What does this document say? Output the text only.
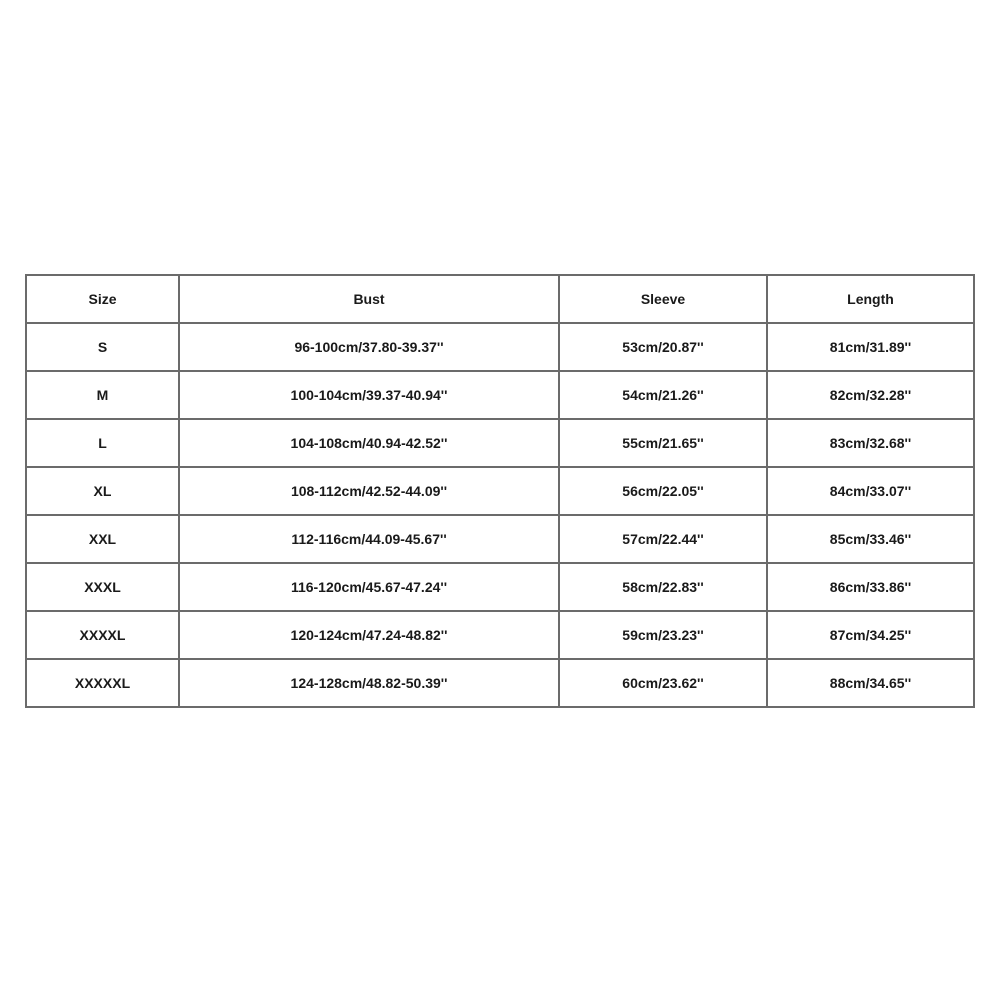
Size	Bust	Sleeve	Length
S	96-100cm/37.80-39.37''	53cm/20.87''	81cm/31.89''
M	100-104cm/39.37-40.94''	54cm/21.26''	82cm/32.28''
L	104-108cm/40.94-42.52''	55cm/21.65''	83cm/32.68''
XL	108-112cm/42.52-44.09''	56cm/22.05''	84cm/33.07''
XXL	112-116cm/44.09-45.67''	57cm/22.44''	85cm/33.46''
XXXL	116-120cm/45.67-47.24''	58cm/22.83''	86cm/33.86''
XXXXL	120-124cm/47.24-48.82''	59cm/23.23''	87cm/34.25''
XXXXXL	124-128cm/48.82-50.39''	60cm/23.62''	88cm/34.65''
